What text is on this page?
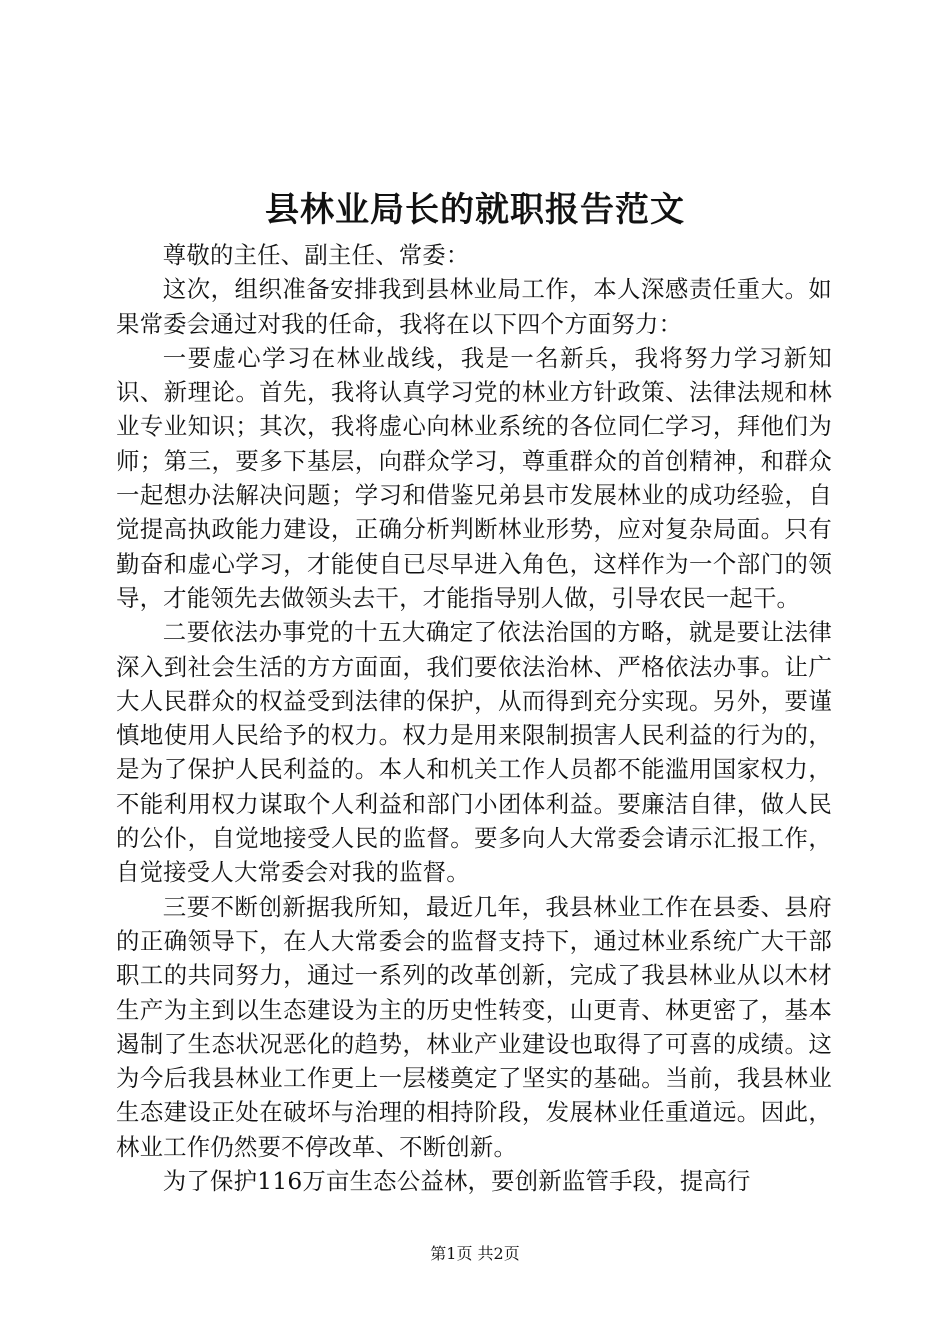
县林业局长的就职报告范文

尊敬的主任、副主任、常委：

这次，组织准备安排我到县林业局工作，本人深感责任重大。如果常委会通过对我的任命，我将在以下四个方面努力：

一要虚心学习在林业战线，我是一名新兵，我将努力学习新知识、新理论。首先，我将认真学习党的林业方针政策、法律法规和林业专业知识；其次，我将虚心向林业系统的各位同仁学习，拜他们为师；第三，要多下基层，向群众学习，尊重群众的首创精神，和群众一起想办法解决问题；学习和借鉴兄弟县市发展林业的成功经验，自觉提高执政能力建设，正确分析判断林业形势，应对复杂局面。只有勤奋和虚心学习，才能使自已尽早进入角色，这样作为一个部门的领导，才能领先去做领头去干，才能指导别人做，引导农民一起干。

二要依法办事党的十五大确定了依法治国的方略，就是要让法律深入到社会生活的方方面面，我们要依法治林、严格依法办事。让广大人民群众的权益受到法律的保护，从而得到充分实现。另外，要谨慎地使用人民给予的权力。权力是用来限制损害人民利益的行为的，是为了保护人民利益的。本人和机关工作人员都不能滥用国家权力，不能利用权力谋取个人利益和部门小团体利益。要廉洁自律，做人民的公仆，自觉地接受人民的监督。要多向人大常委会请示汇报工作，自觉接受人大常委会对我的监督。

三要不断创新据我所知，最近几年，我县林业工作在县委、县府的正确领导下，在人大常委会的监督支持下，通过林业系统广大干部职工的共同努力，通过一系列的改革创新，完成了我县林业从以木材生产为主到以生态建设为主的历史性转变，山更青、林更密了，基本遏制了生态状况恶化的趋势，林业产业建设也取得了可喜的成绩。这为今后我县林业工作更上一层楼奠定了坚实的基础。当前，我县林业生态建设正处在破坏与治理的相持阶段，发展林业任重道远。因此，林业工作仍然要不停改革、不断创新。

为了保护116万亩生态公益林，要创新监管手段，提高行

第1页 共2页
